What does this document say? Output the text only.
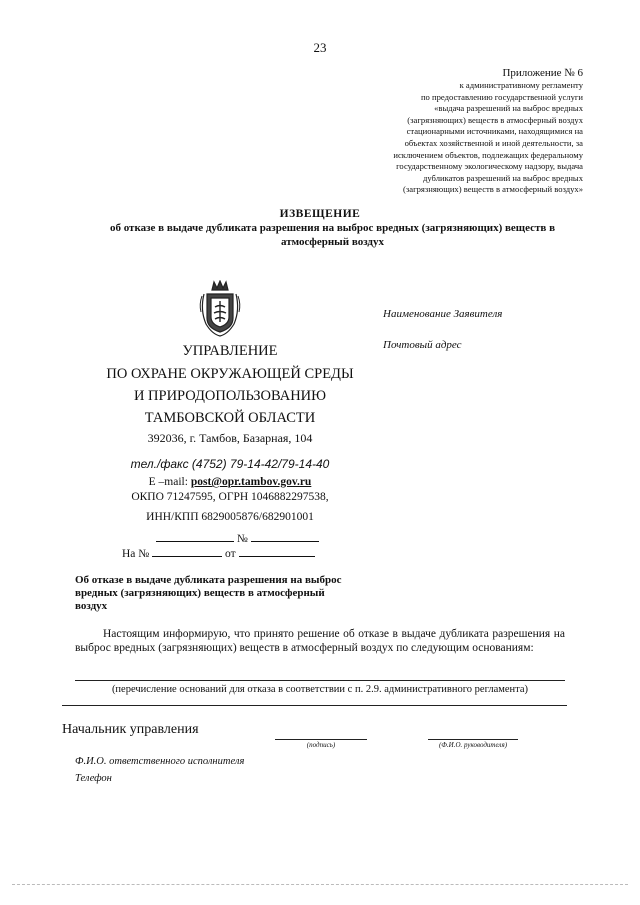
23
Приложение № 6
к административному регламенту
по предоставлению государственной услуги
«выдача разрешений на выброс вредных
(загрязняющих) веществ в атмосферный воздух
стационарными источниками, находящимися на
объектах хозяйственной и иной деятельности, за
исключением объектов, подлежащих федеральному
государственному экологическому надзору, выдача
дубликатов разрешений на выброс вредных
(загрязняющих) веществ в атмосферный воздух»
ИЗВЕЩЕНИЕ
об отказе в выдаче дубликата разрешения на выброс вредных (загрязняющих) веществ в атмосферный воздух
УПРАВЛЕНИЕ
ПО ОХРАНЕ ОКРУЖАЮЩЕЙ СРЕДЫ
И ПРИРОДОПОЛЬЗОВАНИЮ
ТАМБОВСКОЙ ОБЛАСТИ
392036, г. Тамбов, Базарная, 104
тел./факс (4752) 79-14-42/79-14-40
E –mail: post@opr.tambov.gov.ru
ОКПО 71247595, ОГРН 1046882297538,
ИНН/КПП 6829005876/682901001
№
На №	от
Наименование Заявителя
Почтовый адрес
Об отказе в выдаче дубликата разрешения на выброс вредных (загрязняющих) веществ в атмосферный воздух
Настоящим информирую, что принято решение об отказе в выдаче дубликата разрешения на выброс вредных (загрязняющих) веществ в атмосферный воздух по следующим основаниям:
(перечисление оснований для отказа в соответствии с п. 2.9. административного регламента)
Начальник управления
(подпись)	(Ф.И.О. руководителя)
Ф.И.О. ответственного исполнителя
Телефон
